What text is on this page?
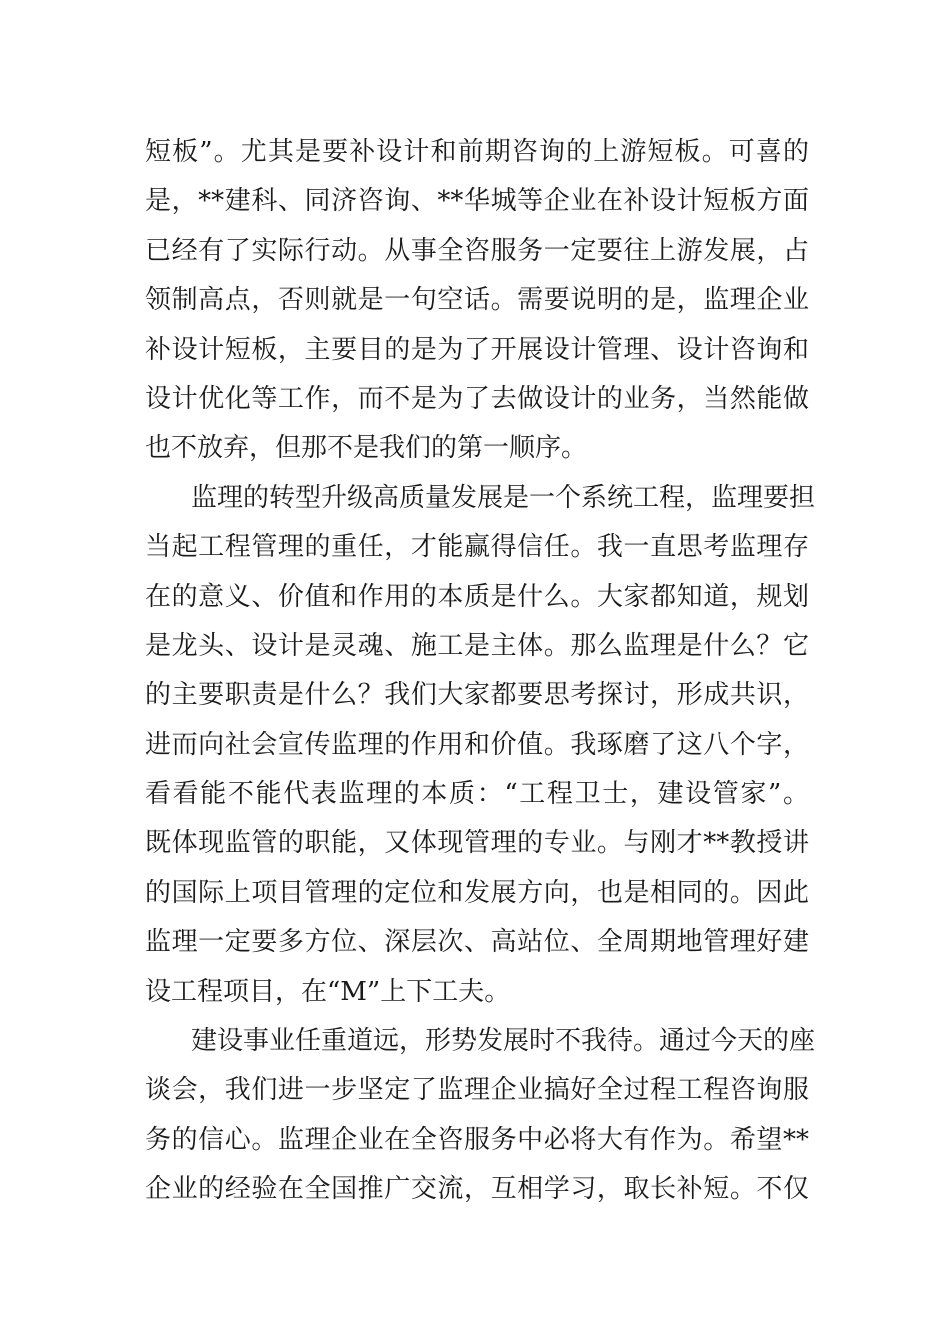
短板”。尤其是要补设计和前期咨询的上游短板。可喜的
是，**建科、同济咨询、**华城等企业在补设计短板方面
已经有了实际行动。从事全咨服务一定要往上游发展，占
领制高点，否则就是一句空话。需要说明的是，监理企业
补设计短板，主要目的是为了开展设计管理、设计咨询和
设计优化等工作，而不是为了去做设计的业务，当然能做
也不放弃，但那不是我们的第一顺序。
监理的转型升级高质量发展是一个系统工程，监理要担
当起工程管理的重任，才能赢得信任。我一直思考监理存
在的意义、价值和作用的本质是什么。大家都知道，规划
是龙头、设计是灵魂、施工是主体。那么监理是什么？它
的主要职责是什么？我们大家都要思考探讨，形成共识，
进而向社会宣传监理的作用和价值。我琢磨了这八个字，
看看能不能代表监理的本质：“工程卫士，建设管家”。
既体现监管的职能，又体现管理的专业。与刚才**教授讲
的国际上项目管理的定位和发展方向，也是相同的。因此
监理一定要多方位、深层次、高站位、全周期地管理好建
设工程项目，在“M”上下工夫。
建设事业任重道远，形势发展时不我待。通过今天的座
谈会，我们进一步坚定了监理企业搞好全过程工程咨询服
务的信心。监理企业在全咨服务中必将大有作为。希望**
企业的经验在全国推广交流，互相学习，取长补短。不仅
